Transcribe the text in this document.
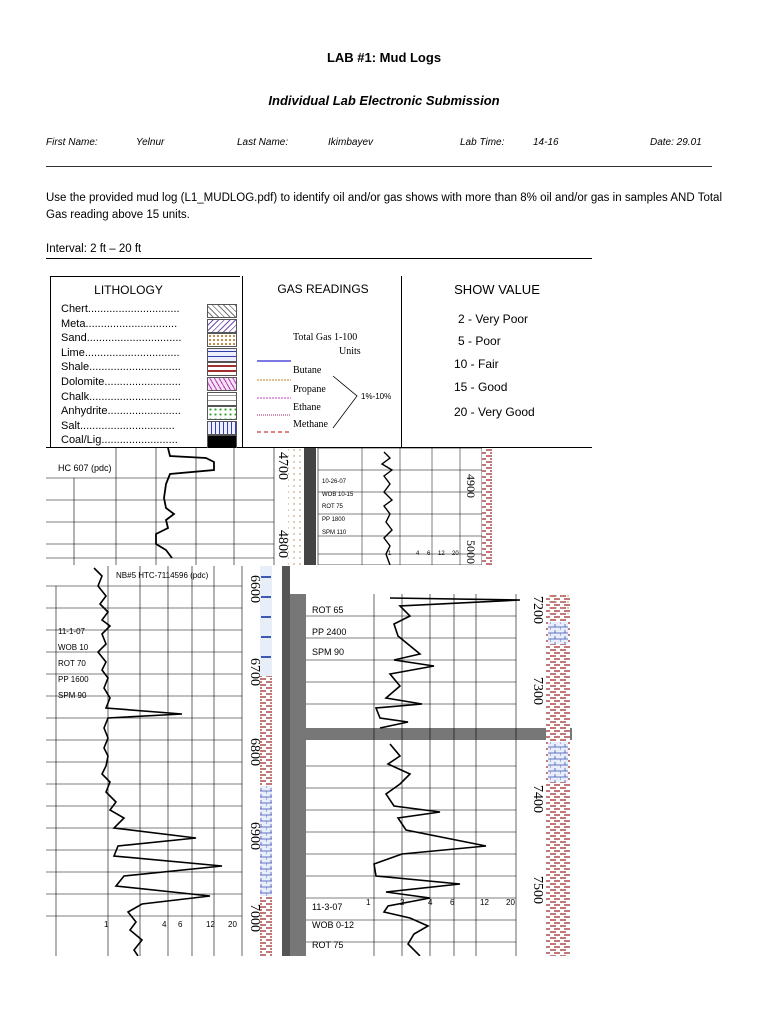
LAB #1: Mud Logs
Individual Lab Electronic Submission
First Name:	Yelnur	Last Name:	Ikimbayev	Lab Time:	14-16	Date: 29.01
Use the provided mud log (L1_MUDLOG.pdf) to identify oil and/or gas shows with more than 8% oil and/or gas in samples AND Total Gas reading above 15 units.
Interval: 2 ft – 20 ft
LITHOLOGY
Chert..............................
Meta..............................
Sand...............................
Lime...............................
Shale..............................
Dolomite.........................
Chalk..............................
Anhydrite........................
Salt...............................
Coal/Lig.........................
GAS READINGS
Total Gas 1-100
Units
Butane
Propane
Ethane
Methane
1%-10%
SHOW VALUE
2 - Very Poor
5 - Poor
10 - Fair
15 - Good
20 - Very Good
HC 607 (pdc)	4700
4800
10-26-07
WOB 10-15
ROT 75
PP 1800
SPM 110
4900
5000
1	4 6 12 20
NB#5 HTC-7114596 (pdc)
11-1-07
WOB 10
ROT 70
PP 1600
SPM 90
6600
6700
6800
6900
7000
1	4 6	12 20
ROT 65
PP 2400
SPM 90
11-3-07
WOB 0-12
ROT 75
7200
7300
7400
7500
1	2	4 6	12 20
